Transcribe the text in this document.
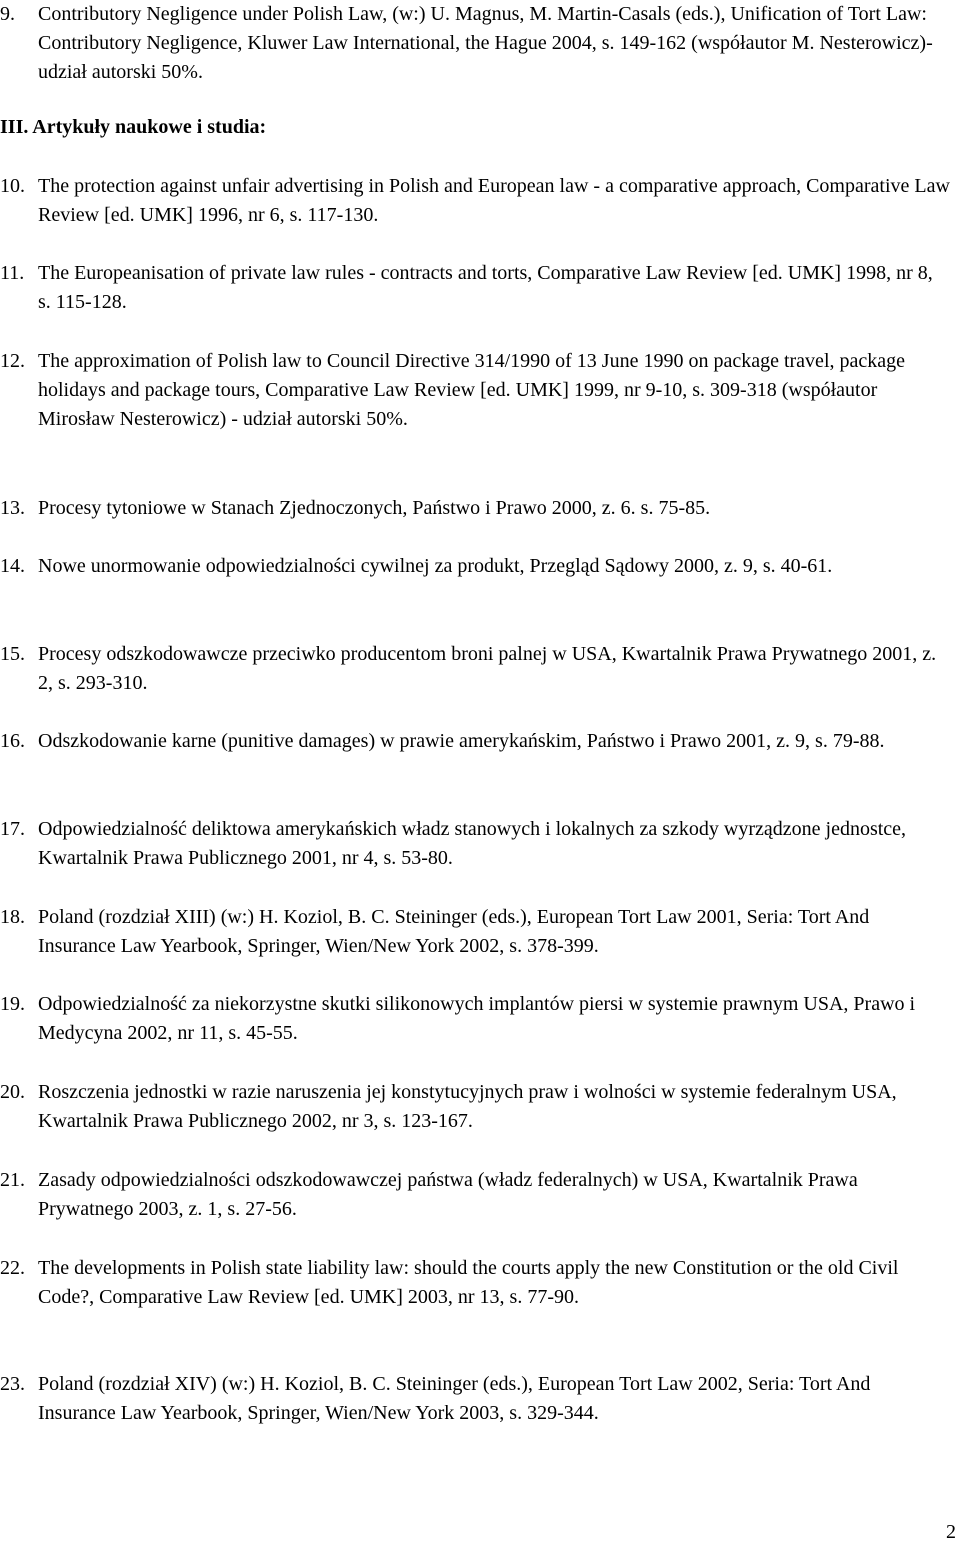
9.	Contributory Negligence under Polish Law, (w:) U. Magnus, M. Martin-Casals (eds.), Unification of Tort Law: Contributory Negligence, Kluwer Law International, the Hague 2004, s. 149-162 (współautor M. Nesterowicz)- udział autorski 50%.
III. Artykuły naukowe i studia:
10. The protection against unfair advertising in Polish and European law - a comparative approach, Comparative Law Review [ed. UMK] 1996, nr 6, s. 117-130.
11. The Europeanisation of private law rules - contracts and torts, Comparative Law Review [ed. UMK] 1998, nr 8, s. 115-128.
12. The approximation of Polish law to Council Directive 314/1990 of 13 June 1990 on package travel, package holidays and package tours, Comparative Law Review [ed. UMK] 1999, nr 9-10, s. 309-318 (współautor Mirosław Nesterowicz) - udział autorski 50%.
13. Procesy tytoniowe w Stanach Zjednoczonych, Państwo i Prawo 2000, z. 6. s. 75-85.
14. Nowe unormowanie odpowiedzialności cywilnej za produkt, Przegląd Sądowy 2000, z. 9, s. 40-61.
15. Procesy odszkodowawcze przeciwko producentom broni palnej w USA, Kwartalnik Prawa Prywatnego 2001, z. 2, s. 293-310.
16. Odszkodowanie karne (punitive damages) w prawie amerykańskim, Państwo i Prawo 2001, z. 9, s. 79-88.
17. Odpowiedzialność deliktowa amerykańskich władz stanowych i lokalnych za szkody wyrządzone jednostce, Kwartalnik Prawa Publicznego 2001, nr 4, s. 53-80.
18. Poland (rozdział XIII) (w:) H. Koziol, B. C. Steininger (eds.), European Tort Law 2001, Seria: Tort And Insurance Law Yearbook, Springer, Wien/New York 2002, s. 378-399.
19. Odpowiedzialność za niekorzystne skutki silikonowych implantów piersi w systemie prawnym USA, Prawo i Medycyna 2002, nr 11, s. 45-55.
20. Roszczenia jednostki w razie naruszenia jej konstytucyjnych praw i wolności w systemie federalnym USA, Kwartalnik Prawa Publicznego 2002, nr 3, s. 123-167.
21. Zasady odpowiedzialności odszkodowawczej państwa (władz federalnych) w USA, Kwartalnik Prawa Prywatnego 2003, z. 1, s. 27-56.
22. The developments in Polish state liability law: should the courts apply the new Constitution or the old Civil Code?, Comparative Law Review [ed. UMK] 2003, nr 13, s. 77-90.
23. Poland (rozdział XIV) (w:) H. Koziol, B. C. Steininger (eds.), European Tort Law 2002, Seria: Tort And Insurance Law Yearbook, Springer, Wien/New York 2003, s. 329-344.
2
